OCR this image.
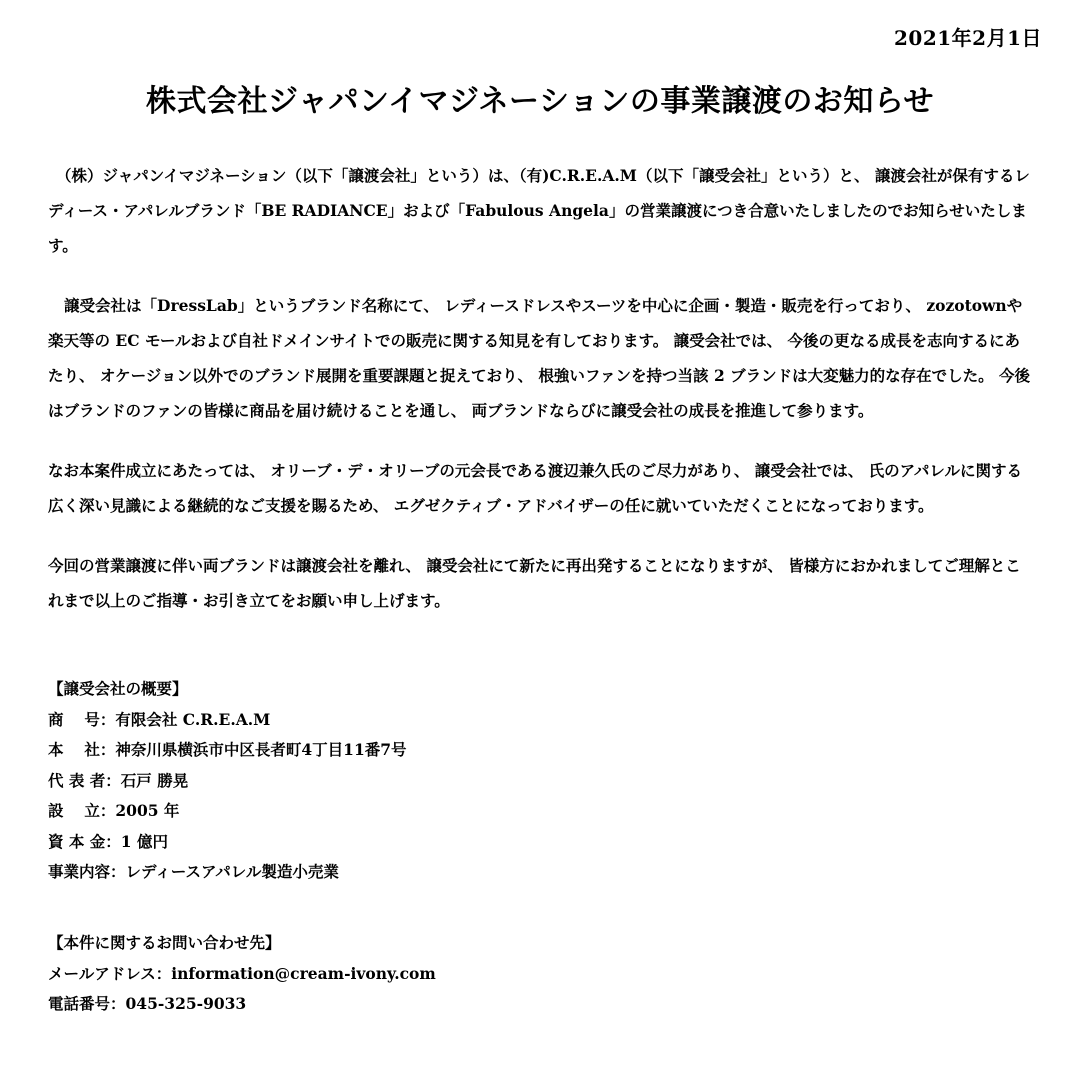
2021年2月1日
株式会社ジャパンイマジネーションの事業譲渡のお知らせ

（株）ジャパンイマジネーション（以下「譲渡会社」という）は、（有)C.R.E.A.M（以下「譲受会社」という）と、 譲渡会社が保有するレディース・アパレルブランド「BE RADIANCE」および「Fabulous Angela」の営業譲渡につき合意いたしましたのでお知らせいたします。

譲受会社は「DressLab」というブランド名称にて、 レディースドレスやスーツを中心に企画・製造・販売を行っており、 zozotownや楽天等の EC モールおよび自社ドメインサイトでの販売に関する知見を有しております。 譲受会社では、 今後の更なる成長を志向するにあたり、 オケージョン以外でのブランド展開を重要課題と捉えており、 根強いファンを持つ当該 2 ブランドは大変魅力的な存在でした。 今後はブランドのファンの皆様に商品を届け続けることを通し、 両ブランドならびに譲受会社の成長を推進して参ります。

なお本案件成立にあたっては、 オリーブ・デ・オリーブの元会長である渡辺兼久氏のご尽力があり、 譲受会社では、 氏のアパレルに関する広く深い見識による継続的なご支援を賜るため、 エグゼクティブ・アドバイザーの任に就いていただくことになっております。

今回の営業譲渡に伴い両ブランドは譲渡会社を離れ、 譲受会社にて新たに再出発することになりますが、 皆様方におかれましてご理解とこれまで以上のご指導・お引き立てをお願い申し上げます。

【譲受会社の概要】
商　 号：有限会社 C.R.E.A.M
本　 社：神奈川県横浜市中区長者町4丁目11番7号
代 表 者：石戸 勝晃
設　 立：2005 年
資 本 金：1 億円
事業内容：レディースアパレル製造小売業
【本件に関するお問い合わせ先】
メールアドレス：information@cream-ivony.com
電話番号：045-325-9033
